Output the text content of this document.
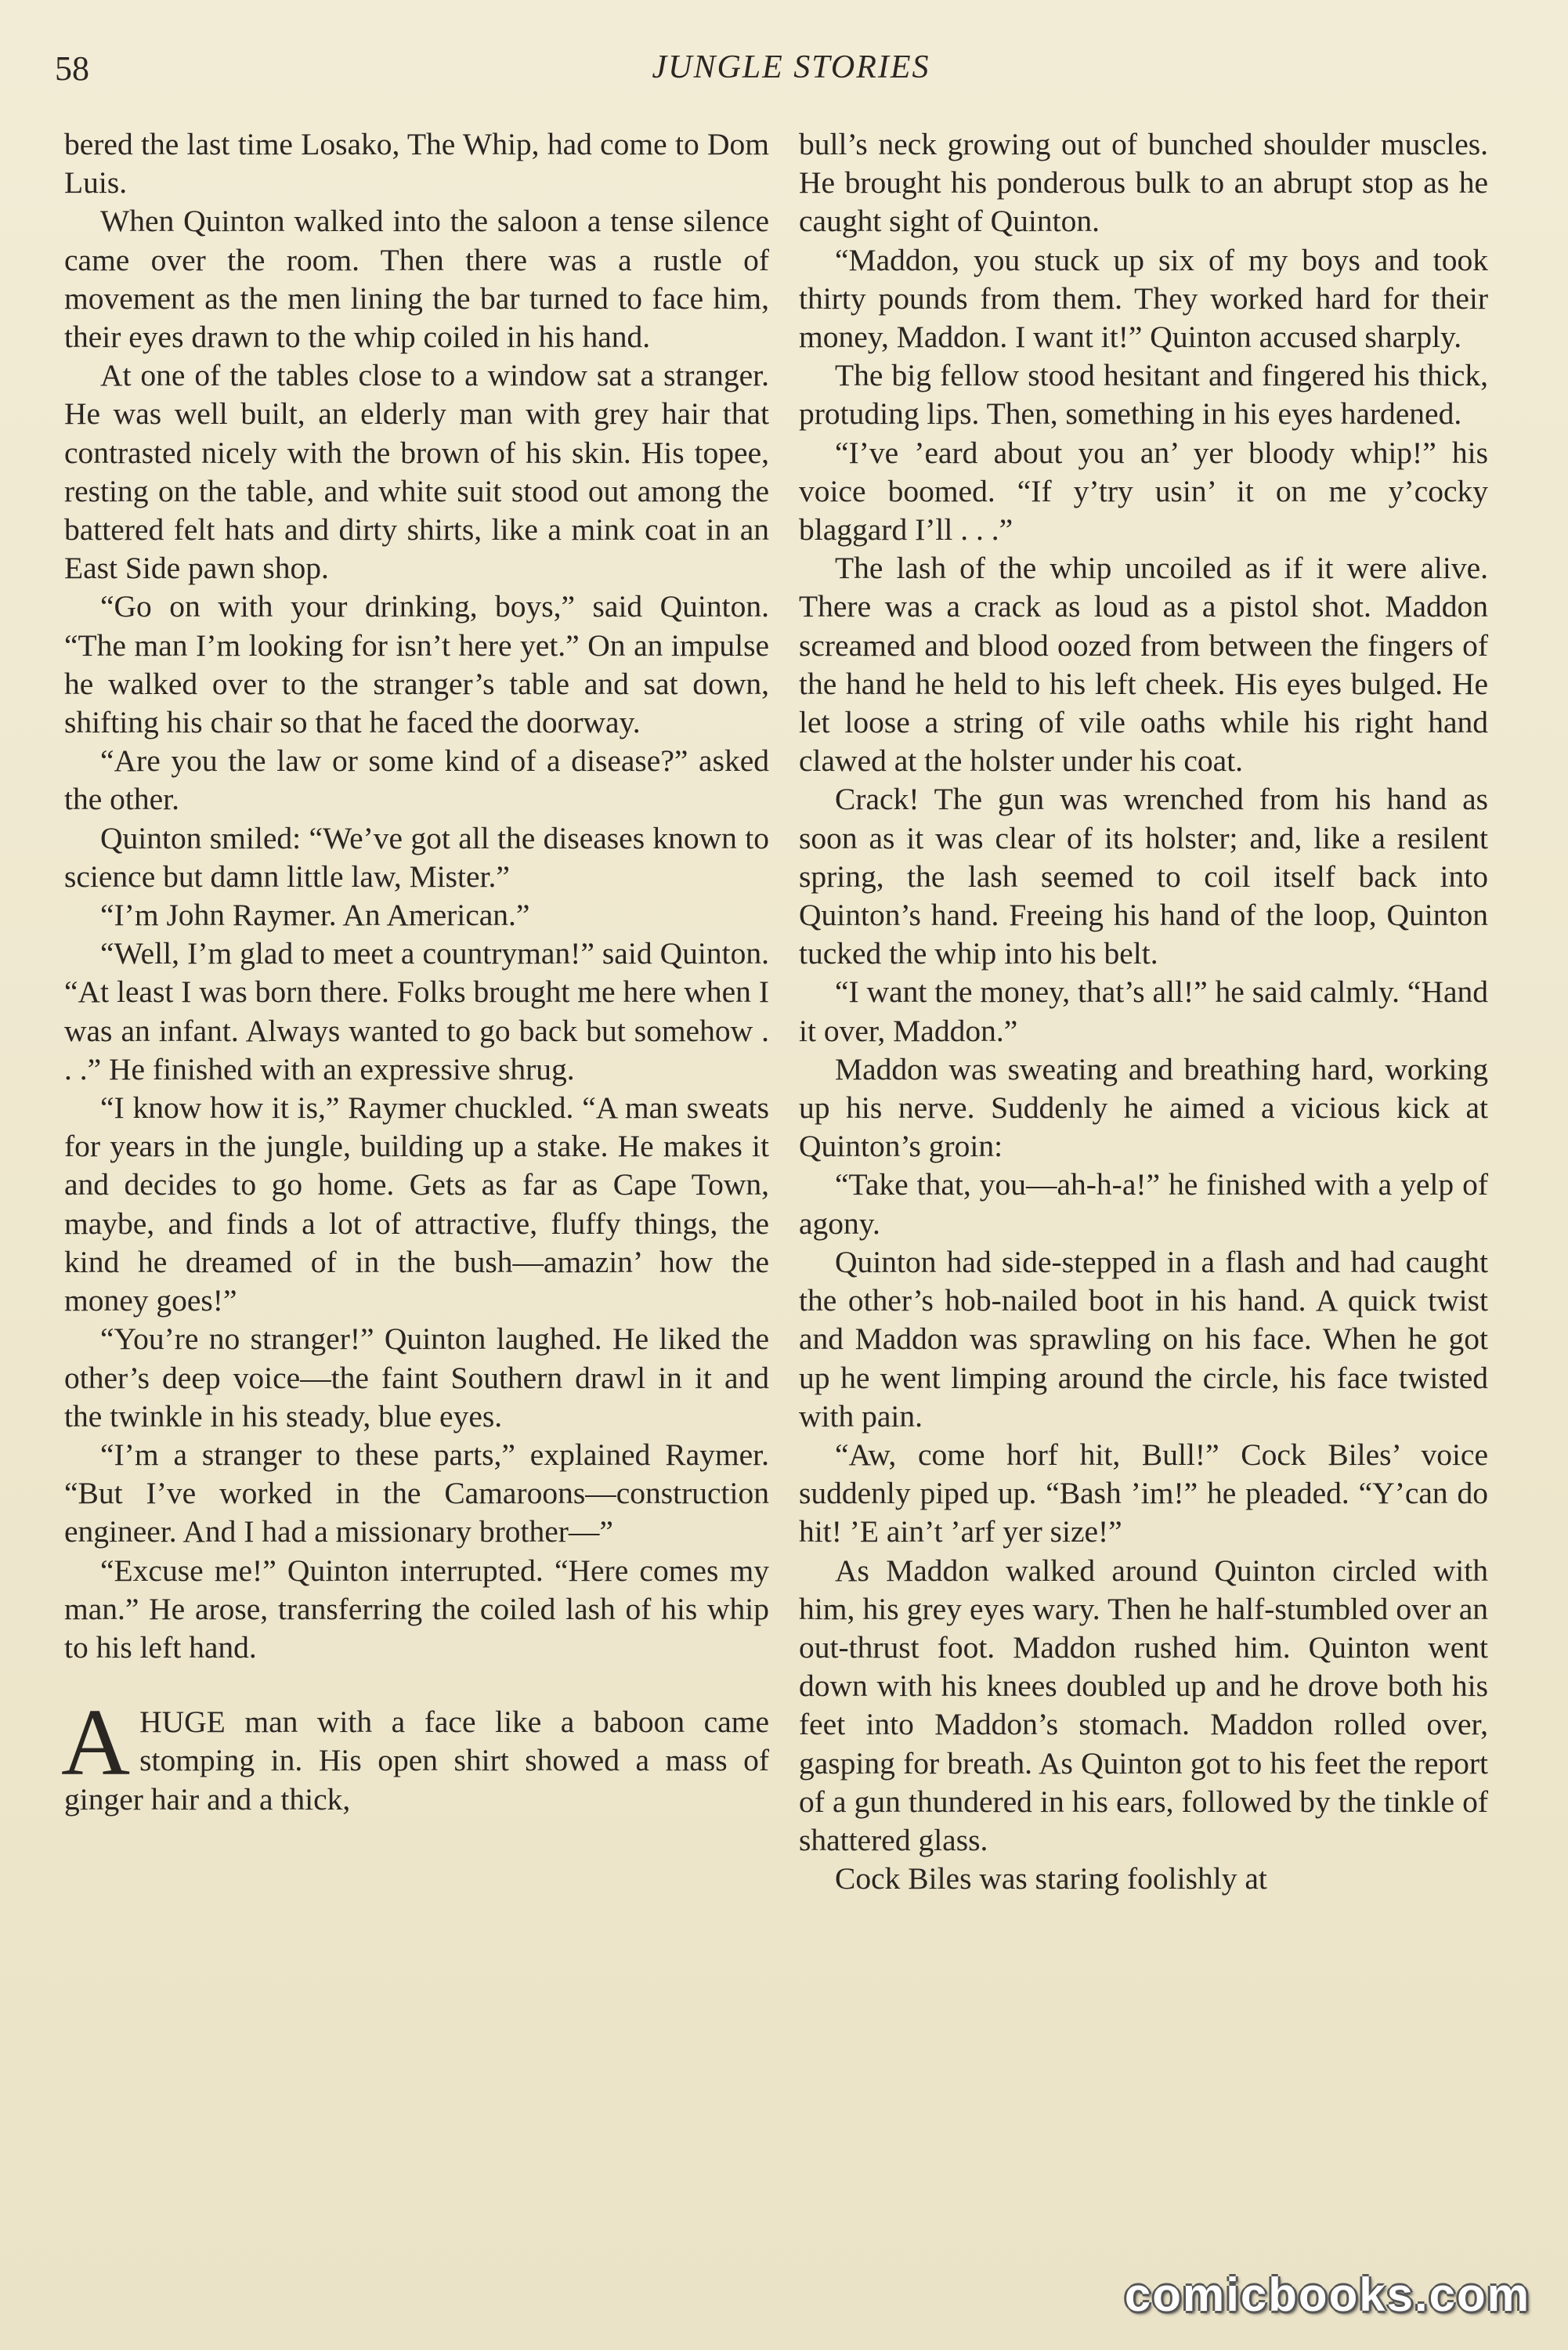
58	JUNGLE STORIES

bered the last time Losako, The Whip, had come to Dom Luis.

When Quinton walked into the saloon a tense silence came over the room. Then there was a rustle of movement as the men lining the bar turned to face him, their eyes drawn to the whip coiled in his hand.

At one of the tables close to a window sat a stranger. He was well built, an elderly man with grey hair that contrasted nicely with the brown of his skin. His topee, resting on the table, and white suit stood out among the battered felt hats and dirty shirts, like a mink coat in an East Side pawn shop.

“Go on with your drinking, boys,” said Quinton. “The man I’m looking for isn’t here yet.” On an impulse he walked over to the stranger’s table and sat down, shifting his chair so that he faced the doorway.

“Are you the law or some kind of a disease?” asked the other.

Quinton smiled: “We’ve got all the diseases known to science but damn little law, Mister.”

“I’m John Raymer. An American.”

“Well, I’m glad to meet a countryman!” said Quinton. “At least I was born there. Folks brought me here when I was an infant. Always wanted to go back but somehow . . .” He finished with an expressive shrug.

“I know how it is,” Raymer chuckled. “A man sweats for years in the jungle, building up a stake. He makes it and decides to go home. Gets as far as Cape Town, maybe, and finds a lot of attractive, fluffy things, the kind he dreamed of in the bush—amazin’ how the money goes!”

“You’re no stranger!” Quinton laughed. He liked the other’s deep voice—the faint Southern drawl in it and the twinkle in his steady, blue eyes.

“I’m a stranger to these parts,” explained Raymer. “But I’ve worked in the Camaroons—construction engineer. And I had a missionary brother—”

“Excuse me!” Quinton interrupted. “Here comes my man.” He arose, transferring the coiled lash of his whip to his left hand.

AHUGE man with a face like a baboon came stomping in. His open shirt showed a mass of ginger hair and a thick,

bull’s neck growing out of bunched shoulder muscles. He brought his ponderous bulk to an abrupt stop as he caught sight of Quinton.

“Maddon, you stuck up six of my boys and took thirty pounds from them. They worked hard for their money, Maddon. I want it!” Quinton accused sharply.

The big fellow stood hesitant and fingered his thick, protuding lips. Then, something in his eyes hardened.

“I’ve ’eard about you an’ yer bloody whip!” his voice boomed. “If y’try usin’ it on me y’cocky blaggard I’ll . . .”

The lash of the whip uncoiled as if it were alive. There was a crack as loud as a pistol shot. Maddon screamed and blood oozed from between the fingers of the hand he held to his left cheek. His eyes bulged. He let loose a string of vile oaths while his right hand clawed at the holster under his coat.

Crack! The gun was wrenched from his hand as soon as it was clear of its holster; and, like a resilent spring, the lash seemed to coil itself back into Quinton’s hand. Freeing his hand of the loop, Quinton tucked the whip into his belt.

“I want the money, that’s all!” he said calmly. “Hand it over, Maddon.”

Maddon was sweating and breathing hard, working up his nerve. Suddenly he aimed a vicious kick at Quinton’s groin:

“Take that, you—ah-h-a!” he finished with a yelp of agony.

Quinton had side-stepped in a flash and had caught the other’s hob-nailed boot in his hand. A quick twist and Maddon was sprawling on his face. When he got up he went limping around the circle, his face twisted with pain.

“Aw, come horf hit, Bull!” Cock Biles’ voice suddenly piped up. “Bash ’im!” he pleaded. “Y’can do hit! ’E ain’t ’arf yer size!”

As Maddon walked around Quinton circled with him, his grey eyes wary. Then he half-stumbled over an out-thrust foot. Maddon rushed him. Quinton went down with his knees doubled up and he drove both his feet into Maddon’s stomach. Maddon rolled over, gasping for breath. As Quinton got to his feet the report of a gun thundered in his ears, followed by the tinkle of shattered glass.

Cock Biles was staring foolishly at

comicbooks.com
